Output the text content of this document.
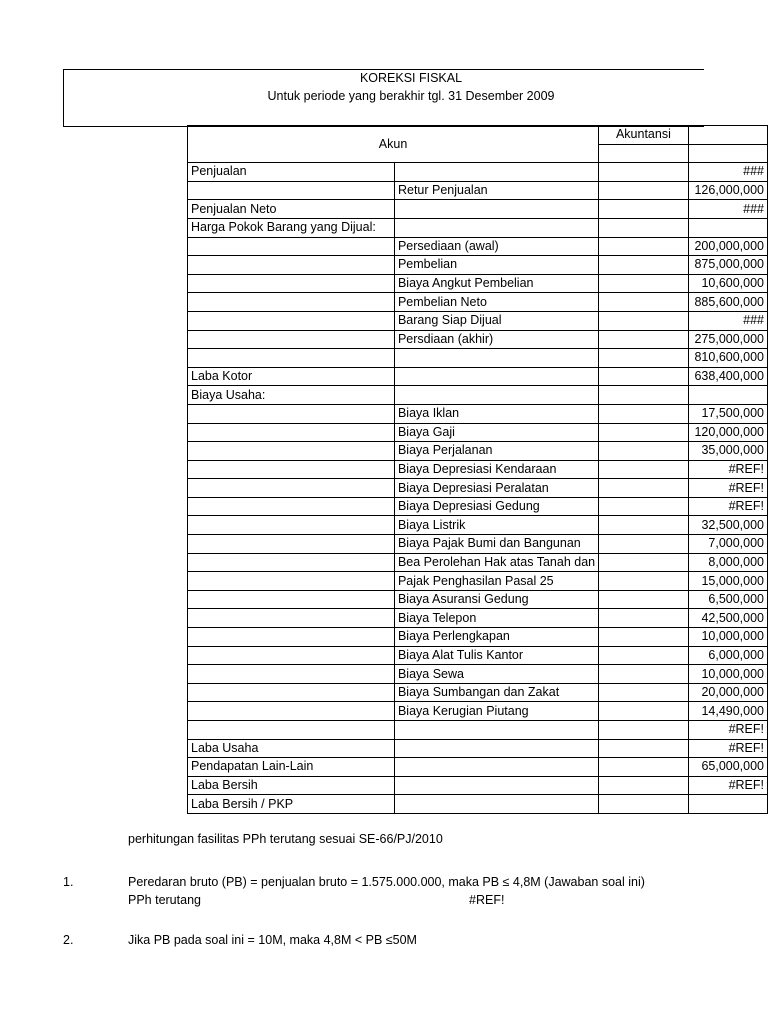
KOREKSI FISKAL
Untuk periode yang berakhir tgl. 31 Desember 2009
Akun		Akuntansi	

Penjualan			###
	Retur Penjualan		126,000,000
Penjualan Neto			###
Harga Pokok Barang yang Dijual:			
	Persediaan (awal)		200,000,000
	Pembelian		875,000,000
	Biaya Angkut Pembelian		10,600,000
	Pembelian Neto		885,600,000
	Barang Siap Dijual		###
	Persdiaan (akhir)		275,000,000
			810,600,000
Laba Kotor			638,400,000
Biaya Usaha:			
	Biaya Iklan		17,500,000
	Biaya Gaji		120,000,000
	Biaya Perjalanan		35,000,000
	Biaya Depresiasi Kendaraan		#REF!
	Biaya Depresiasi Peralatan		#REF!
	Biaya Depresiasi Gedung		#REF!
	Biaya Listrik		32,500,000
	Biaya Pajak Bumi dan Bangunan		7,000,000
	Bea Perolehan Hak atas Tanah dan		8,000,000
	Pajak Penghasilan Pasal 25		15,000,000
	Biaya Asuransi Gedung		6,500,000
	Biaya Telepon		42,500,000
	Biaya Perlengkapan		10,000,000
	Biaya Alat Tulis Kantor		6,000,000
	Biaya Sewa		10,000,000
	Biaya Sumbangan dan Zakat		20,000,000
	Biaya Kerugian Piutang		14,490,000
			#REF!
Laba Usaha			#REF!
Pendapatan Lain-Lain			65,000,000
Laba Bersih			#REF!
Laba Bersih / PKP			
perhitungan fasilitas PPh terutang sesuai SE-66/PJ/2010
1.	Peredaran bruto (PB) = penjualan bruto = 1.575.000.000, maka PB ≤ 4,8M (Jawaban soal ini)
PPh terutang	#REF!
2.	Jika PB pada soal ini = 10M, maka 4,8M < PB ≤50M
